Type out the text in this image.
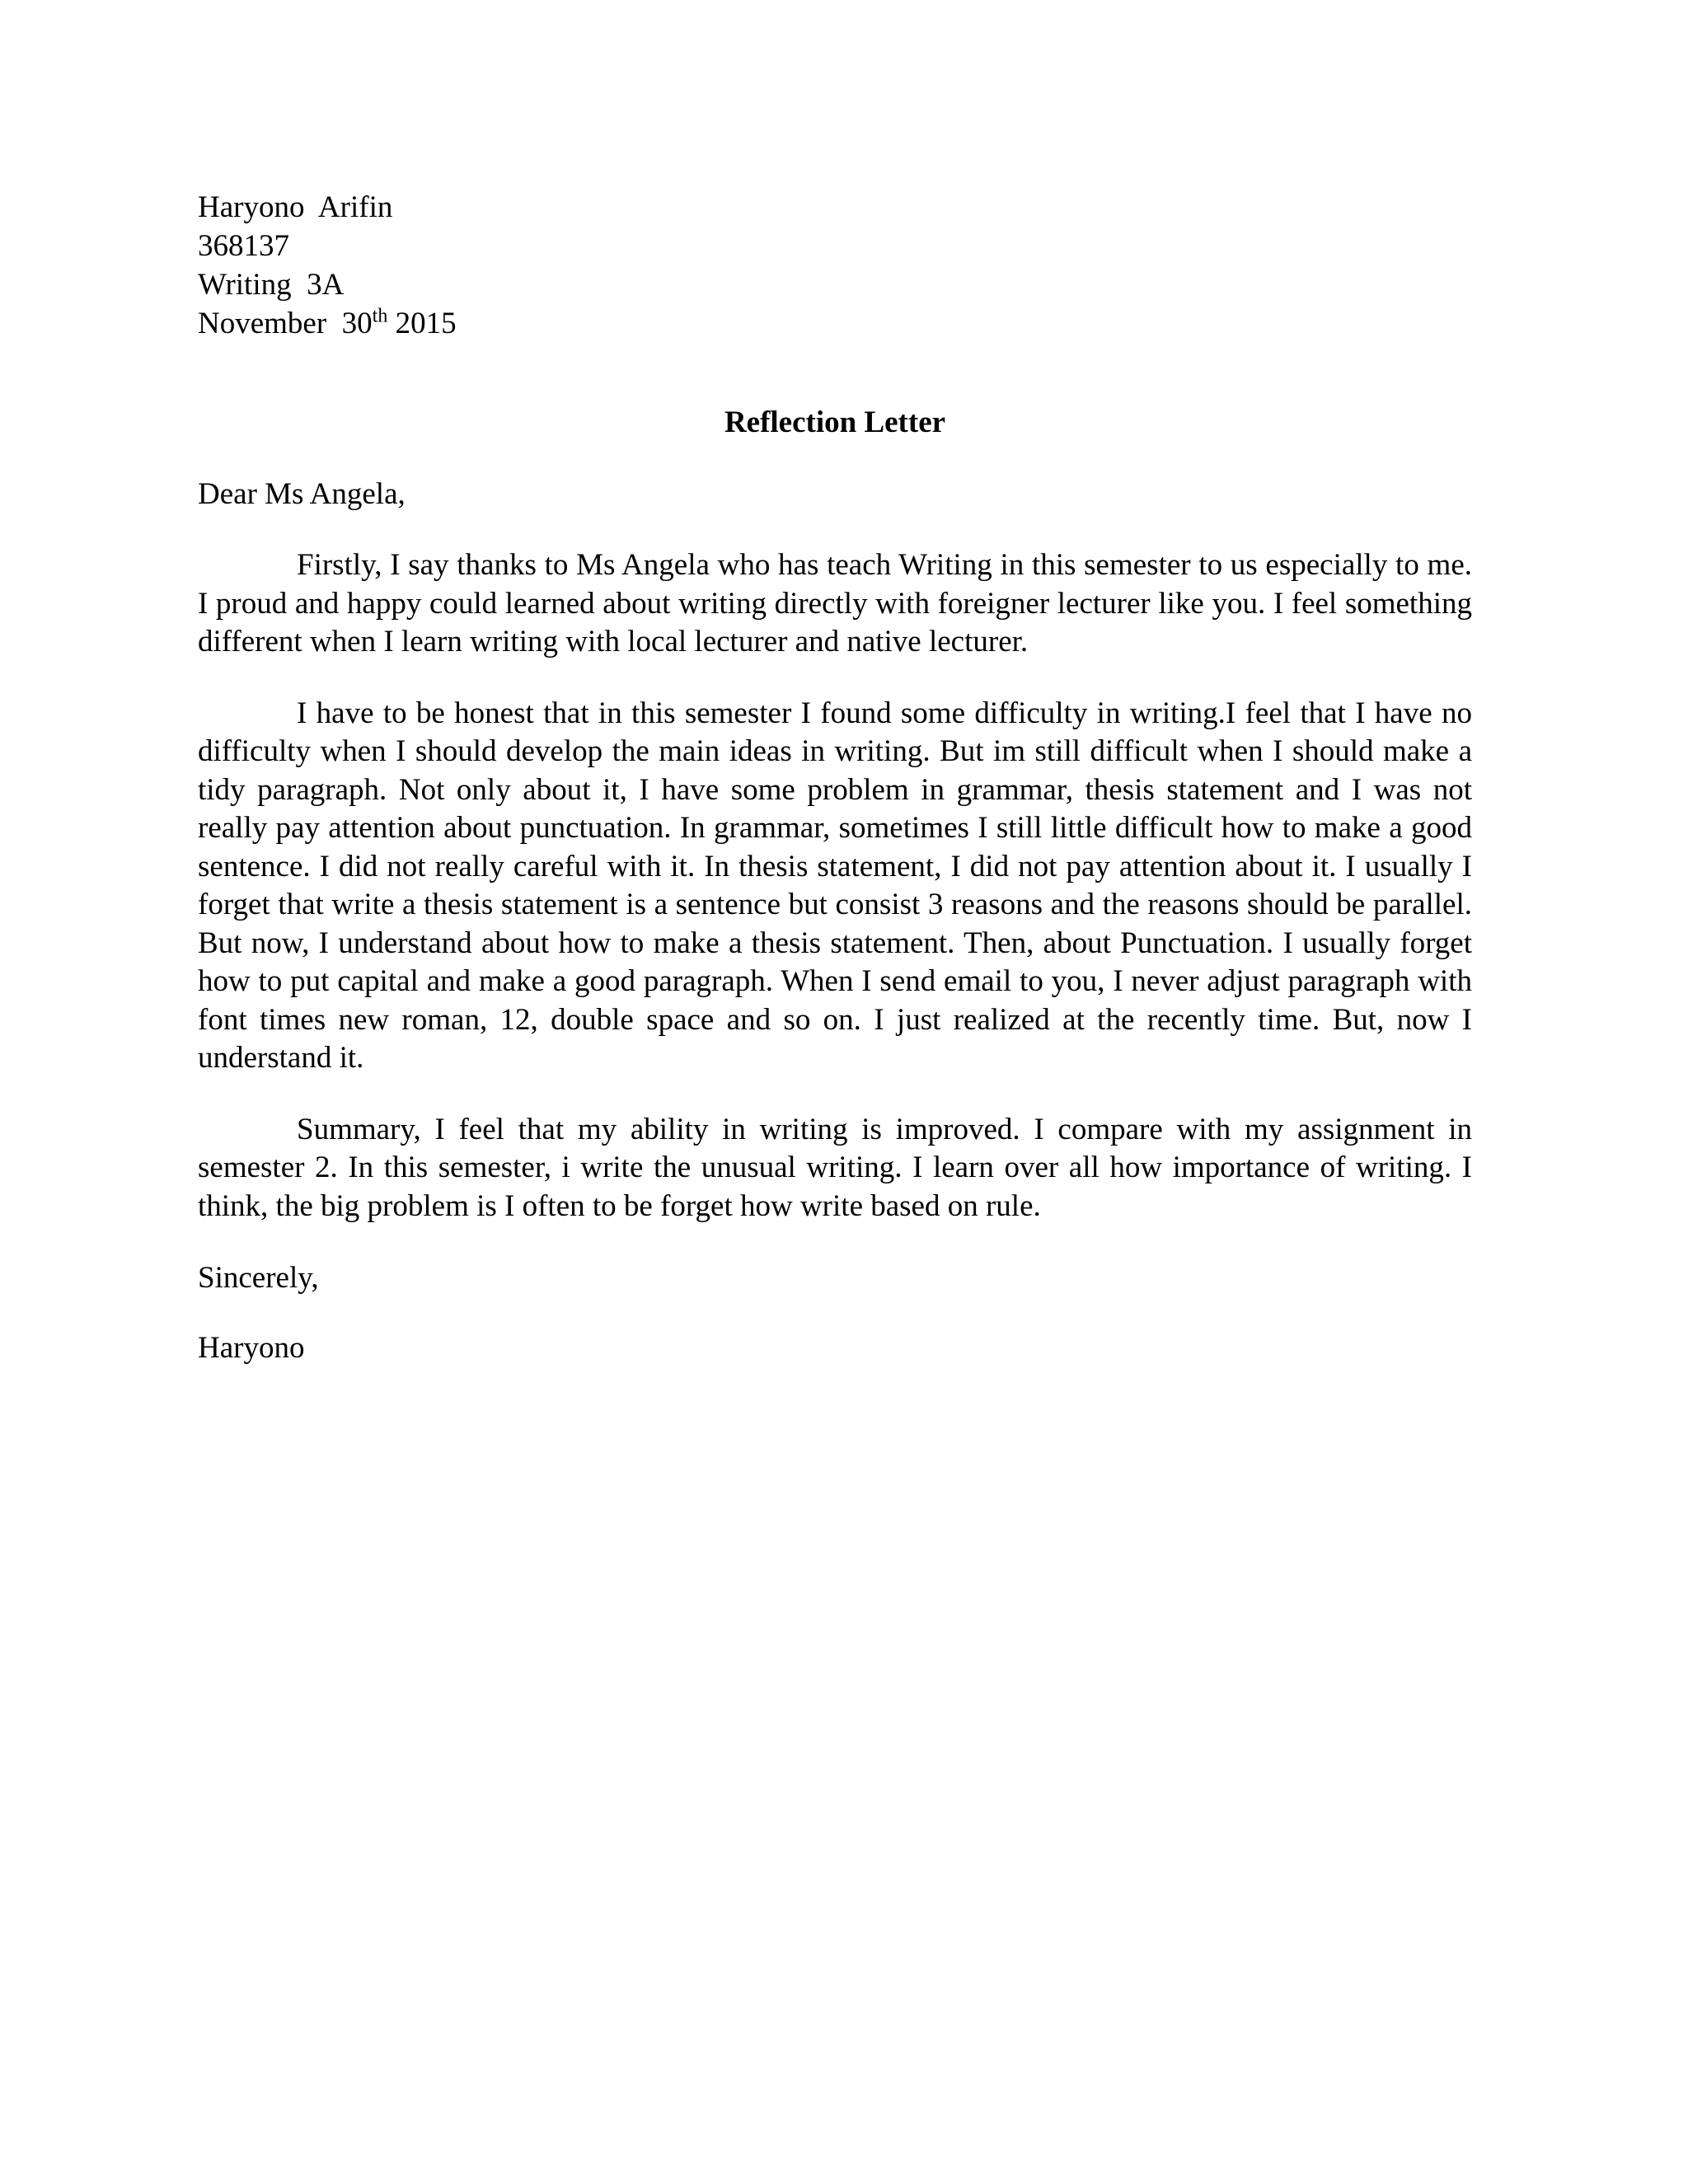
Haryono  Arifin
368137
Writing  3A
November  30th 2015
Reflection Letter
Dear Ms Angela,

Firstly, I say thanks to Ms Angela who has teach Writing in this semester to us especially to me. I proud and happy could learned about writing directly with foreigner lecturer like you. I feel something different when I learn writing with local lecturer and native lecturer.

I have to be honest that in this semester I found some difficulty in writing.I feel that I have no difficulty when I should develop the main ideas in writing. But im still difficult when I should make a tidy paragraph. Not only about it, I have some problem in grammar, thesis statement and I was not really pay attention about punctuation. In grammar, sometimes I still little difficult how to make a good sentence. I did not really careful with it. In thesis statement, I did not pay attention about it. I usually I forget that write a thesis statement is a sentence but consist 3 reasons and the reasons should be parallel. But now, I understand about how to make a thesis statement. Then, about Punctuation. I usually forget how to put capital and make a good paragraph. When I send email to you, I never adjust paragraph with font times new roman, 12, double space and so on. I just realized at the recently time. But, now I understand it.

Summary, I feel that my ability in writing is improved. I compare with my assignment in semester 2. In this semester, i write the unusual writing. I learn over all how importance of writing. I think, the big problem is I often to be forget how write based on rule.

Sincerely,
Haryono
